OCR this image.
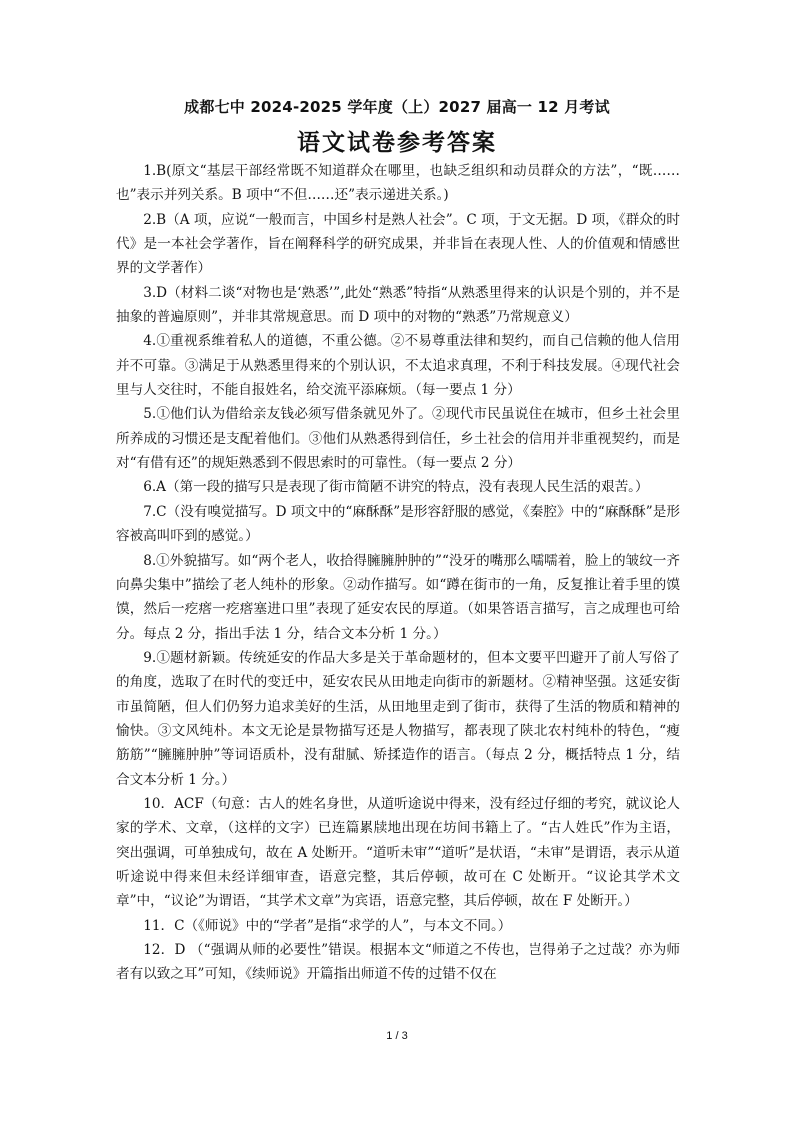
成都七中 2024-2025 学年度（上）2027 届高一 12 月考试
语文试卷参考答案

1.B(原文“基层干部经常既不知道群众在哪里，也缺乏组织和动员群众的方法”，“既……也”表示并列关系。B 项中“不但……还”表示递进关系。)

2.B（A 项，应说“一般而言，中国乡村是熟人社会”。C 项，于文无据。D 项，《群众的时代》是一本社会学著作，旨在阐释科学的研究成果，并非旨在表现人性、人的价值观和情感世界的文学著作）

3.D（材料二谈“对物也是‘熟悉’”,此处“熟悉”特指“从熟悉里得来的认识是个别的，并不是抽象的普遍原则”，并非其常规意思。而 D 项中的对物的“熟悉”乃常规意义）

4.①重视系维着私人的道德，不重公德。②不易尊重法律和契约，而自己信赖的他人信用并不可靠。③满足于从熟悉里得来的个别认识，不太追求真理，不利于科技发展。④现代社会里与人交往时，不能自报姓名，给交流平添麻烦。（每一要点 1 分）

5.①他们认为借给亲友钱必须写借条就见外了。②现代市民虽说住在城市，但乡土社会里所养成的习惯还是支配着他们。③他们从熟悉得到信任，乡土社会的信用并非重视契约，而是对“有借有还”的规矩熟悉到不假思索时的可靠性。（每一要点 2 分）

6.A（第一段的描写只是表现了街市简陋不讲究的特点，没有表现人民生活的艰苦。）

7.C（没有嗅觉描写。D 项文中的“麻酥酥”是形容舒服的感觉，《秦腔》中的“麻酥酥”是形容被高叫吓到的感觉。）

8.①外貌描写。如“两个老人，收拾得臃臃肿肿的”“没牙的嘴那么嚅嚅着，脸上的皱纹一齐向鼻尖集中”描绘了老人纯朴的形象。②动作描写。如“蹲在街市的一角，反复推让着手里的馍馍，然后一疙瘩一疙瘩塞进口里”表现了延安农民的厚道。（如果答语言描写，言之成理也可给分。每点 2 分，指出手法 1 分，结合文本分析 1 分。）

9.①题材新颖。传统延安的作品大多是关于革命题材的，但本文要平凹避开了前人写俗了的角度，选取了在时代的变迁中，延安农民从田地走向街市的新题材。②精神坚强。这延安街市虽简陋，但人们仍努力追求美好的生活，从田地里走到了街市，获得了生活的物质和精神的愉快。③文风纯朴。本文无论是景物描写还是人物描写，都表现了陕北农村纯朴的特色，“瘦筋筋”“臃臃肿肿”等词语质朴，没有甜腻、矫揉造作的语言。（每点 2 分，概括特点 1 分，结合文本分析 1 分。）

10．ACF（句意：古人的姓名身世，从道听途说中得来，没有经过仔细的考究，就议论人家的学术、文章，（这样的文字）已连篇累牍地出现在坊间书籍上了。“古人姓氏”作为主语，突出强调，可单独成句，故在 A 处断开。“道听未审”“道听”是状语，“未审”是谓语，表示从道听途说中得来但未经详细审查，语意完整，其后停顿，故可在 C 处断开。“议论其学术文章”中，“议论”为谓语，“其学术文章”为宾语，语意完整，其后停顿，故在 F 处断开。）

11．C（《师说》中的“学者”是指“求学的人”，与本文不同。）

12．D （“强调从师的必要性”错误。根据本文“师道之不传也，岂得弟子之过哉？亦为师者有以致之耳”可知，《续师说》开篇指出师道不传的过错不仅在

1 / 3
